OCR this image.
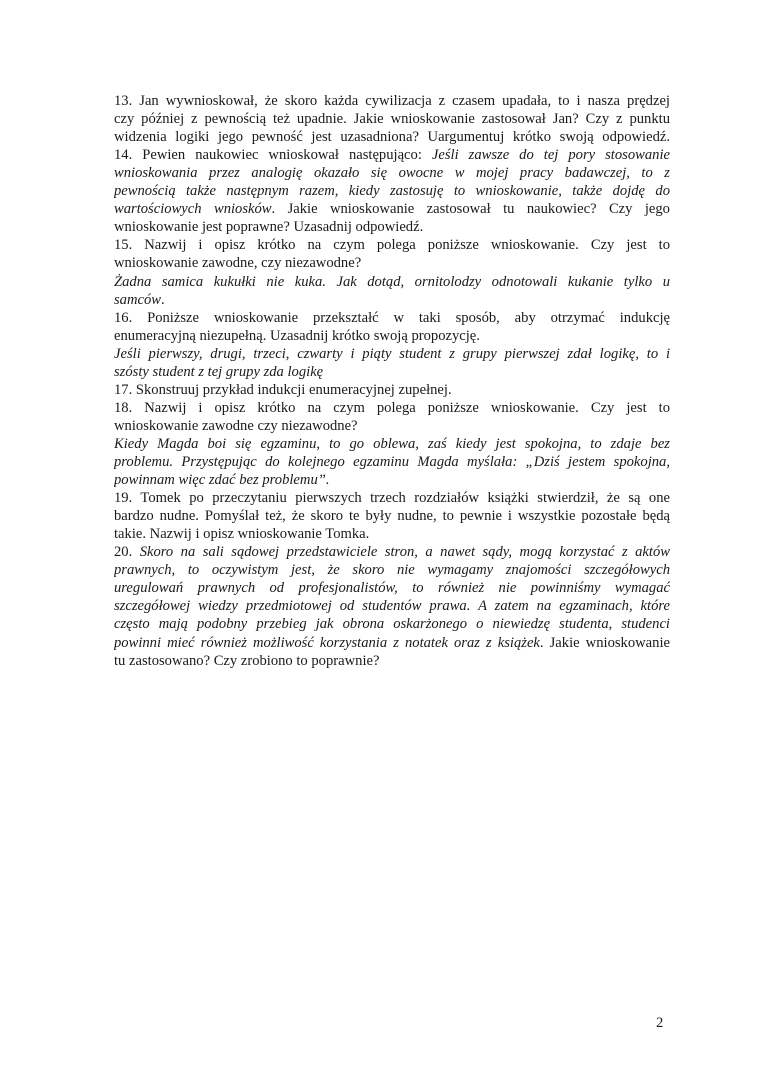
13. Jan wywnioskował, że skoro każda cywilizacja z czasem upadała, to i nasza prędzej
czy później z pewnością też upadnie. Jakie wnioskowanie zastosował Jan? Czy z punktu
widzenia logiki jego pewność jest uzasadniona? Uargumentuj krótko swoją odpowiedź.
14. Pewien naukowiec wnioskował następująco: Jeśli zawsze do tej pory stosowanie
wnioskowania przez analogię okazało się owocne w mojej pracy badawczej, to z
pewnością także następnym razem, kiedy zastosuję to wnioskowanie, także dojdę do
wartościowych wniosków. Jakie wnioskowanie zastosował tu naukowiec? Czy jego
wnioskowanie jest poprawne? Uzasadnij odpowiedź.
15. Nazwij i opisz krótko na czym polega poniższe wnioskowanie. Czy jest to
wnioskowanie zawodne, czy niezawodne?
Żadna samica kukułki nie kuka. Jak dotąd, ornitolodzy odnotowali kukanie tylko u
samców.
16. Poniższe wnioskowanie przekształć w taki sposób, aby otrzymać indukcję
enumeracyjną niezupełną. Uzasadnij krótko swoją propozycję.
Jeśli pierwszy, drugi, trzeci, czwarty i piąty student z grupy pierwszej zdał logikę, to i
szósty student z tej grupy zda logikę
17. Skonstruuj przykład indukcji enumeracyjnej zupełnej.
18. Nazwij i opisz krótko na czym polega poniższe wnioskowanie. Czy jest to
wnioskowanie zawodne czy niezawodne?
Kiedy Magda boi się egzaminu, to go oblewa, zaś kiedy jest spokojna, to zdaje bez
problemu. Przystępując do kolejnego egzaminu Magda myślała: „Dziś jestem spokojna,
powinnam więc zdać bez problemu”.
19. Tomek po przeczytaniu pierwszych trzech rozdziałów książki stwierdził, że są one
bardzo nudne. Pomyślał też, że skoro te były nudne, to pewnie i wszystkie pozostałe będą
takie. Nazwij i opisz wnioskowanie Tomka.
20. Skoro na sali sądowej przedstawiciele stron, a nawet sądy, mogą korzystać z aktów
prawnych, to oczywistym jest, że skoro nie wymagamy znajomości szczegółowych
uregulowań prawnych od profesjonalistów, to również nie powinniśmy wymagać
szczegółowej wiedzy przedmiotowej od studentów prawa. A zatem na egzaminach, które
często mają podobny przebieg jak obrona oskarżonego o niewiedzę studenta, studenci
powinni mieć również możliwość korzystania z notatek oraz z książek. Jakie wnioskowanie
tu zastosowano? Czy zrobiono to poprawnie?
2
